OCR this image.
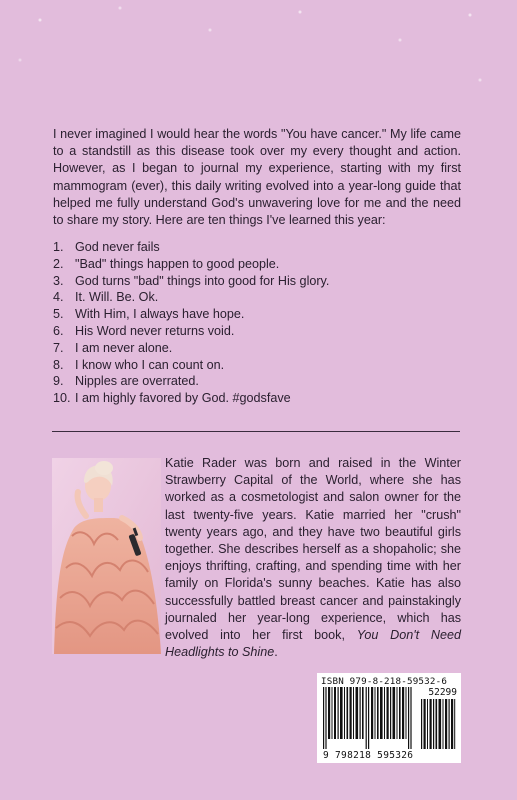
I never imagined I would hear the words "You have cancer." My life came to a standstill as this disease took over my every thought and action. However, as I began to journal my experience, starting with my first mammogram (ever), this daily writing evolved into a year-long guide that helped me fully understand God's unwavering love for me and the need to share my story. Here are ten things I've learned this year:

1. God never fails
2. "Bad" things happen to good people.
3. God turns "bad" things into good for His glory.
4. It. Will. Be. Ok.
5. With Him, I always have hope.
6. His Word never returns void.
7. I am never alone.
8. I know who I can count on.
9. Nipples are overrated.
10. I am highly favored by God. #godsfave

Katie Rader was born and raised in the Winter Strawberry Capital of the World, where she has worked as a cosmetologist and salon owner for the last twenty-five years. Katie married her "crush" twenty years ago, and they have two beautiful girls together. She describes herself as a shopaholic; she enjoys thrifting, crafting, and spending time with her family on Florida's sunny beaches. Katie has also successfully battled breast cancer and painstakingly journaled her year-long experience, which has evolved into her first book, You Don't Need Headlights to Shine.

ISBN 979-8-218-59532-6
52299
9 798218 595326
